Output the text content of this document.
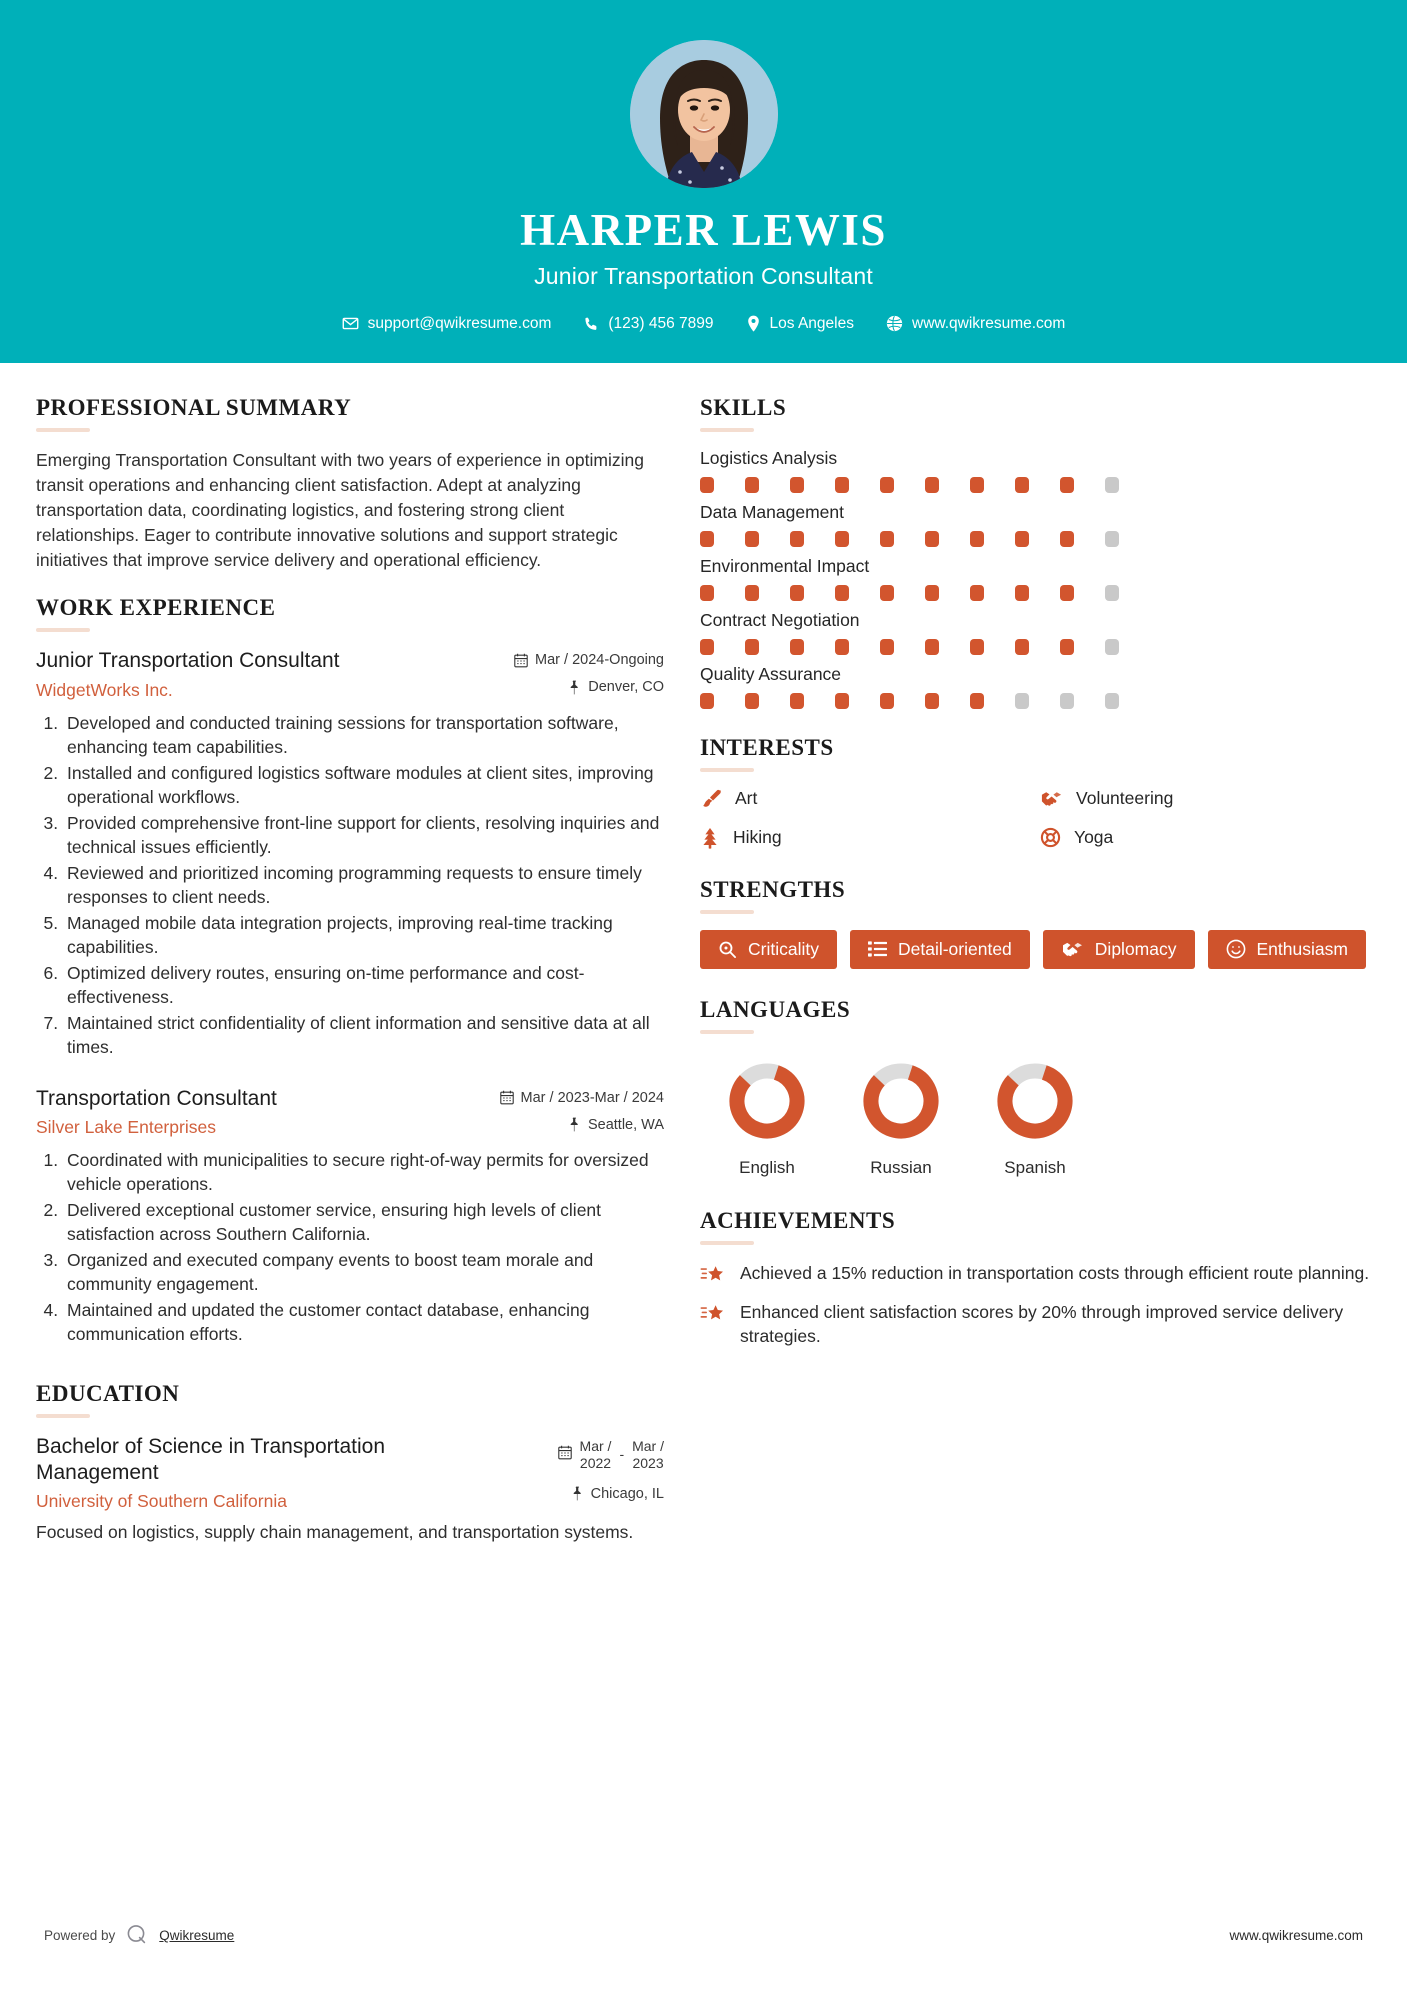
HARPER LEWIS
Junior Transportation Consultant
support@qwikresume.com	(123) 456 7899	Los Angeles	www.qwikresume.com
PROFESSIONAL SUMMARY
Emerging Transportation Consultant with two years of experience in optimizing transit operations and enhancing client satisfaction. Adept at analyzing transportation data, coordinating logistics, and fostering strong client relationships. Eager to contribute innovative solutions and support strategic initiatives that improve service delivery and operational efficiency.
WORK EXPERIENCE
Junior Transportation Consultant
WidgetWorks Inc.
Mar / 2024-Ongoing
Denver, CO
1. Developed and conducted training sessions for transportation software, enhancing team capabilities.
2. Installed and configured logistics software modules at client sites, improving operational workflows.
3. Provided comprehensive front-line support for clients, resolving inquiries and technical issues efficiently.
4. Reviewed and prioritized incoming programming requests to ensure timely responses to client needs.
5. Managed mobile data integration projects, improving real-time tracking capabilities.
6. Optimized delivery routes, ensuring on-time performance and cost-effectiveness.
7. Maintained strict confidentiality of client information and sensitive data at all times.
Transportation Consultant
Silver Lake Enterprises
Mar / 2023-Mar / 2024
Seattle, WA
1. Coordinated with municipalities to secure right-of-way permits for oversized vehicle operations.
2. Delivered exceptional customer service, ensuring high levels of client satisfaction across Southern California.
3. Organized and executed company events to boost team morale and community engagement.
4. Maintained and updated the customer contact database, enhancing communication efforts.
EDUCATION
Bachelor of Science in Transportation Management
University of Southern California
Mar /
2022
-
Mar /
2023
Chicago, IL
Focused on logistics, supply chain management, and transportation systems.
SKILLS
Logistics Analysis
Data Management
Environmental Impact
Contract Negotiation
Quality Assurance
INTERESTS
Art	Volunteering
Hiking	Yoga
STRENGTHS
Criticality	Detail-oriented	Diplomacy	Enthusiasm
LANGUAGES
English	Russian	Spanish
ACHIEVEMENTS
Achieved a 15% reduction in transportation costs through efficient route planning.
Enhanced client satisfaction scores by 20% through improved service delivery strategies.
Powered by	Qwikresume	www.qwikresume.com
